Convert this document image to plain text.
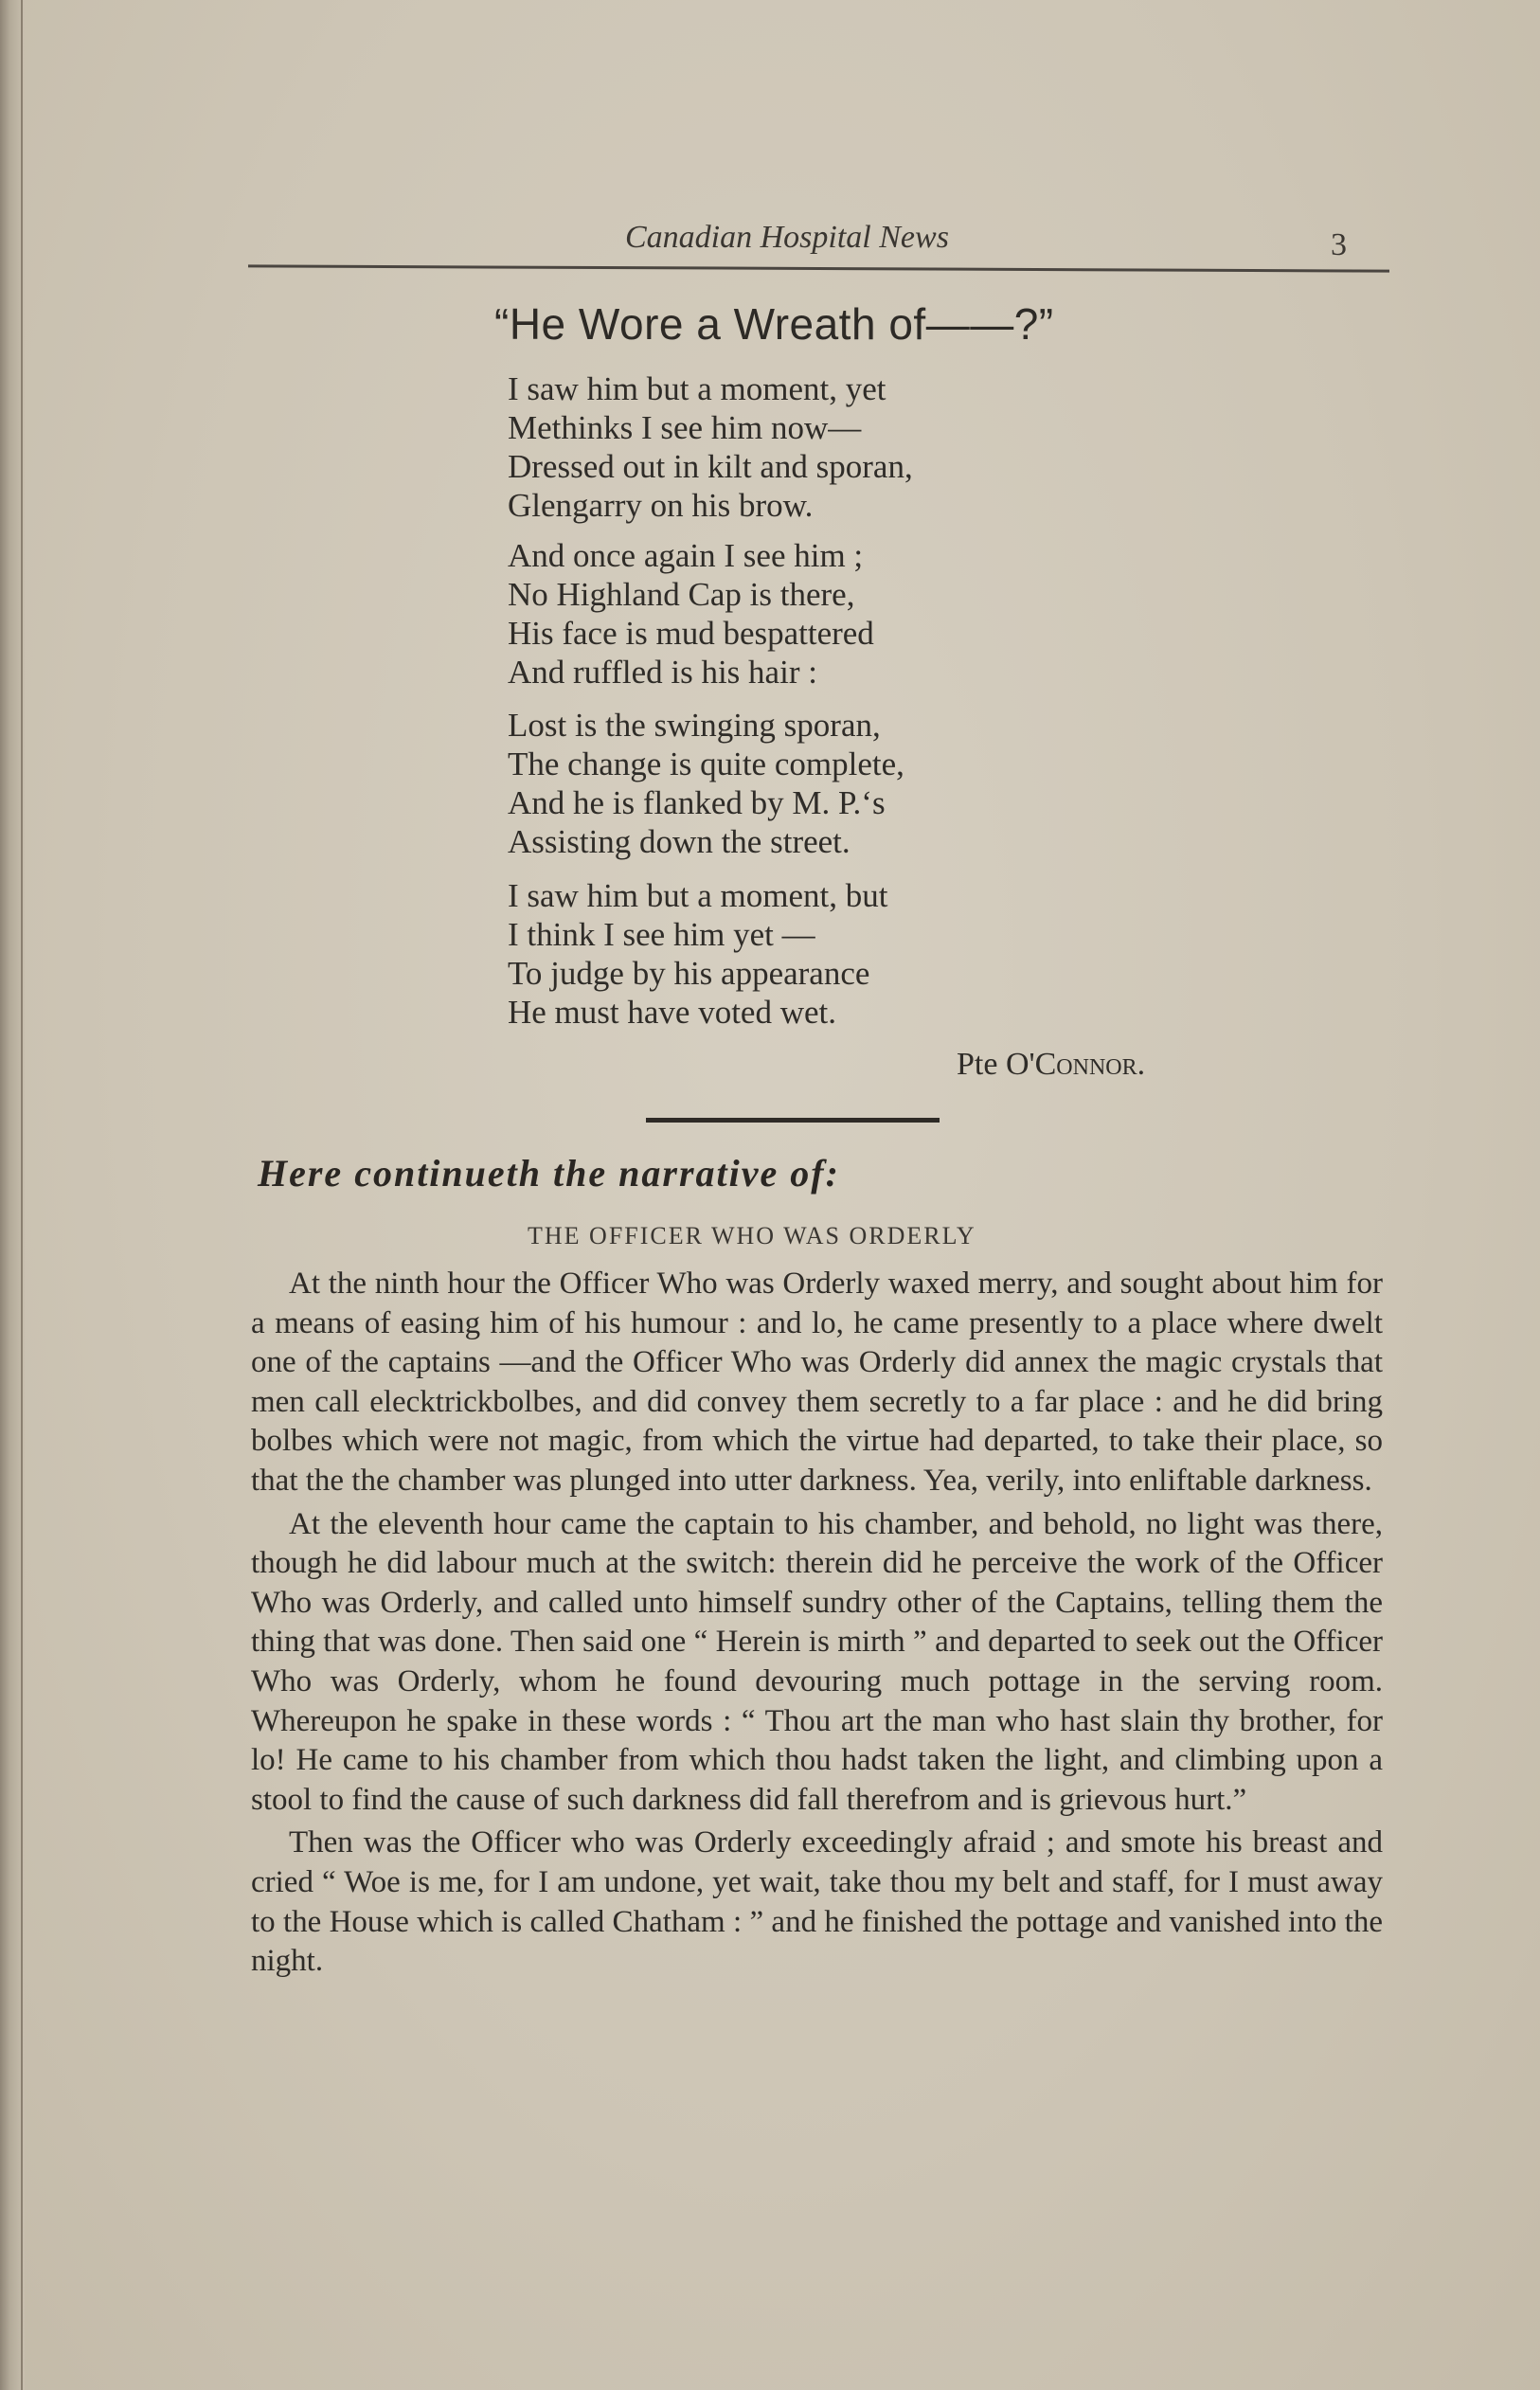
Canadian Hospital News	3
“He Wore a Wreath of——?”
I saw him but a moment, yet
Methinks I see him now—
Dressed out in kilt and sporan,
Glengarry on his brow.
And once again I see him ;
No Highland Cap is there,
His face is mud bespattered
And ruffled is his hair :
Lost is the swinging sporan,
The change is quite complete,
And he is flanked by M. P.‘s
Assisting down the street.
I saw him but a moment, but
I think I see him yet —
To judge by his appearance
He must have voted wet.
Pte O'Connor.
Here continueth the narrative of:
THE OFFICER WHO WAS ORDERLY

At the ninth hour the Officer Who was Orderly waxed merry, and sought about him for a means of easing him of his humour : and lo, he came presently to a place where dwelt one of the captains —and the Officer Who was Orderly did annex the magic crystals that men call elecktrickbolbes, and did convey them secretly to a far place : and he did bring bolbes which were not magic, from which the virtue had departed, to take their place, so that the the chamber was plunged into utter darkness. Yea, verily, into enliftable darkness.

At the eleventh hour came the captain to his chamber, and behold, no light was there, though he did labour much at the switch: therein did he perceive the work of the Officer Who was Orderly, and called unto himself sundry other of the Captains, telling them the thing that was done. Then said one “ Herein is mirth ” and departed to seek out the Officer Who was Orderly, whom he found devouring much pottage in the serving room. Whereupon he spake in these words : “ Thou art the man who hast slain thy brother, for lo! He came to his chamber from which thou hadst taken the light, and climbing upon a stool to find the cause of such darkness did fall therefrom and is grievous hurt.”

Then was the Officer who was Orderly exceedingly afraid ; and smote his breast and cried “ Woe is me, for I am undone, yet wait, take thou my belt and staff, for I must away to the House which is called Chatham : ” and he finished the pottage and vanished into the night.
